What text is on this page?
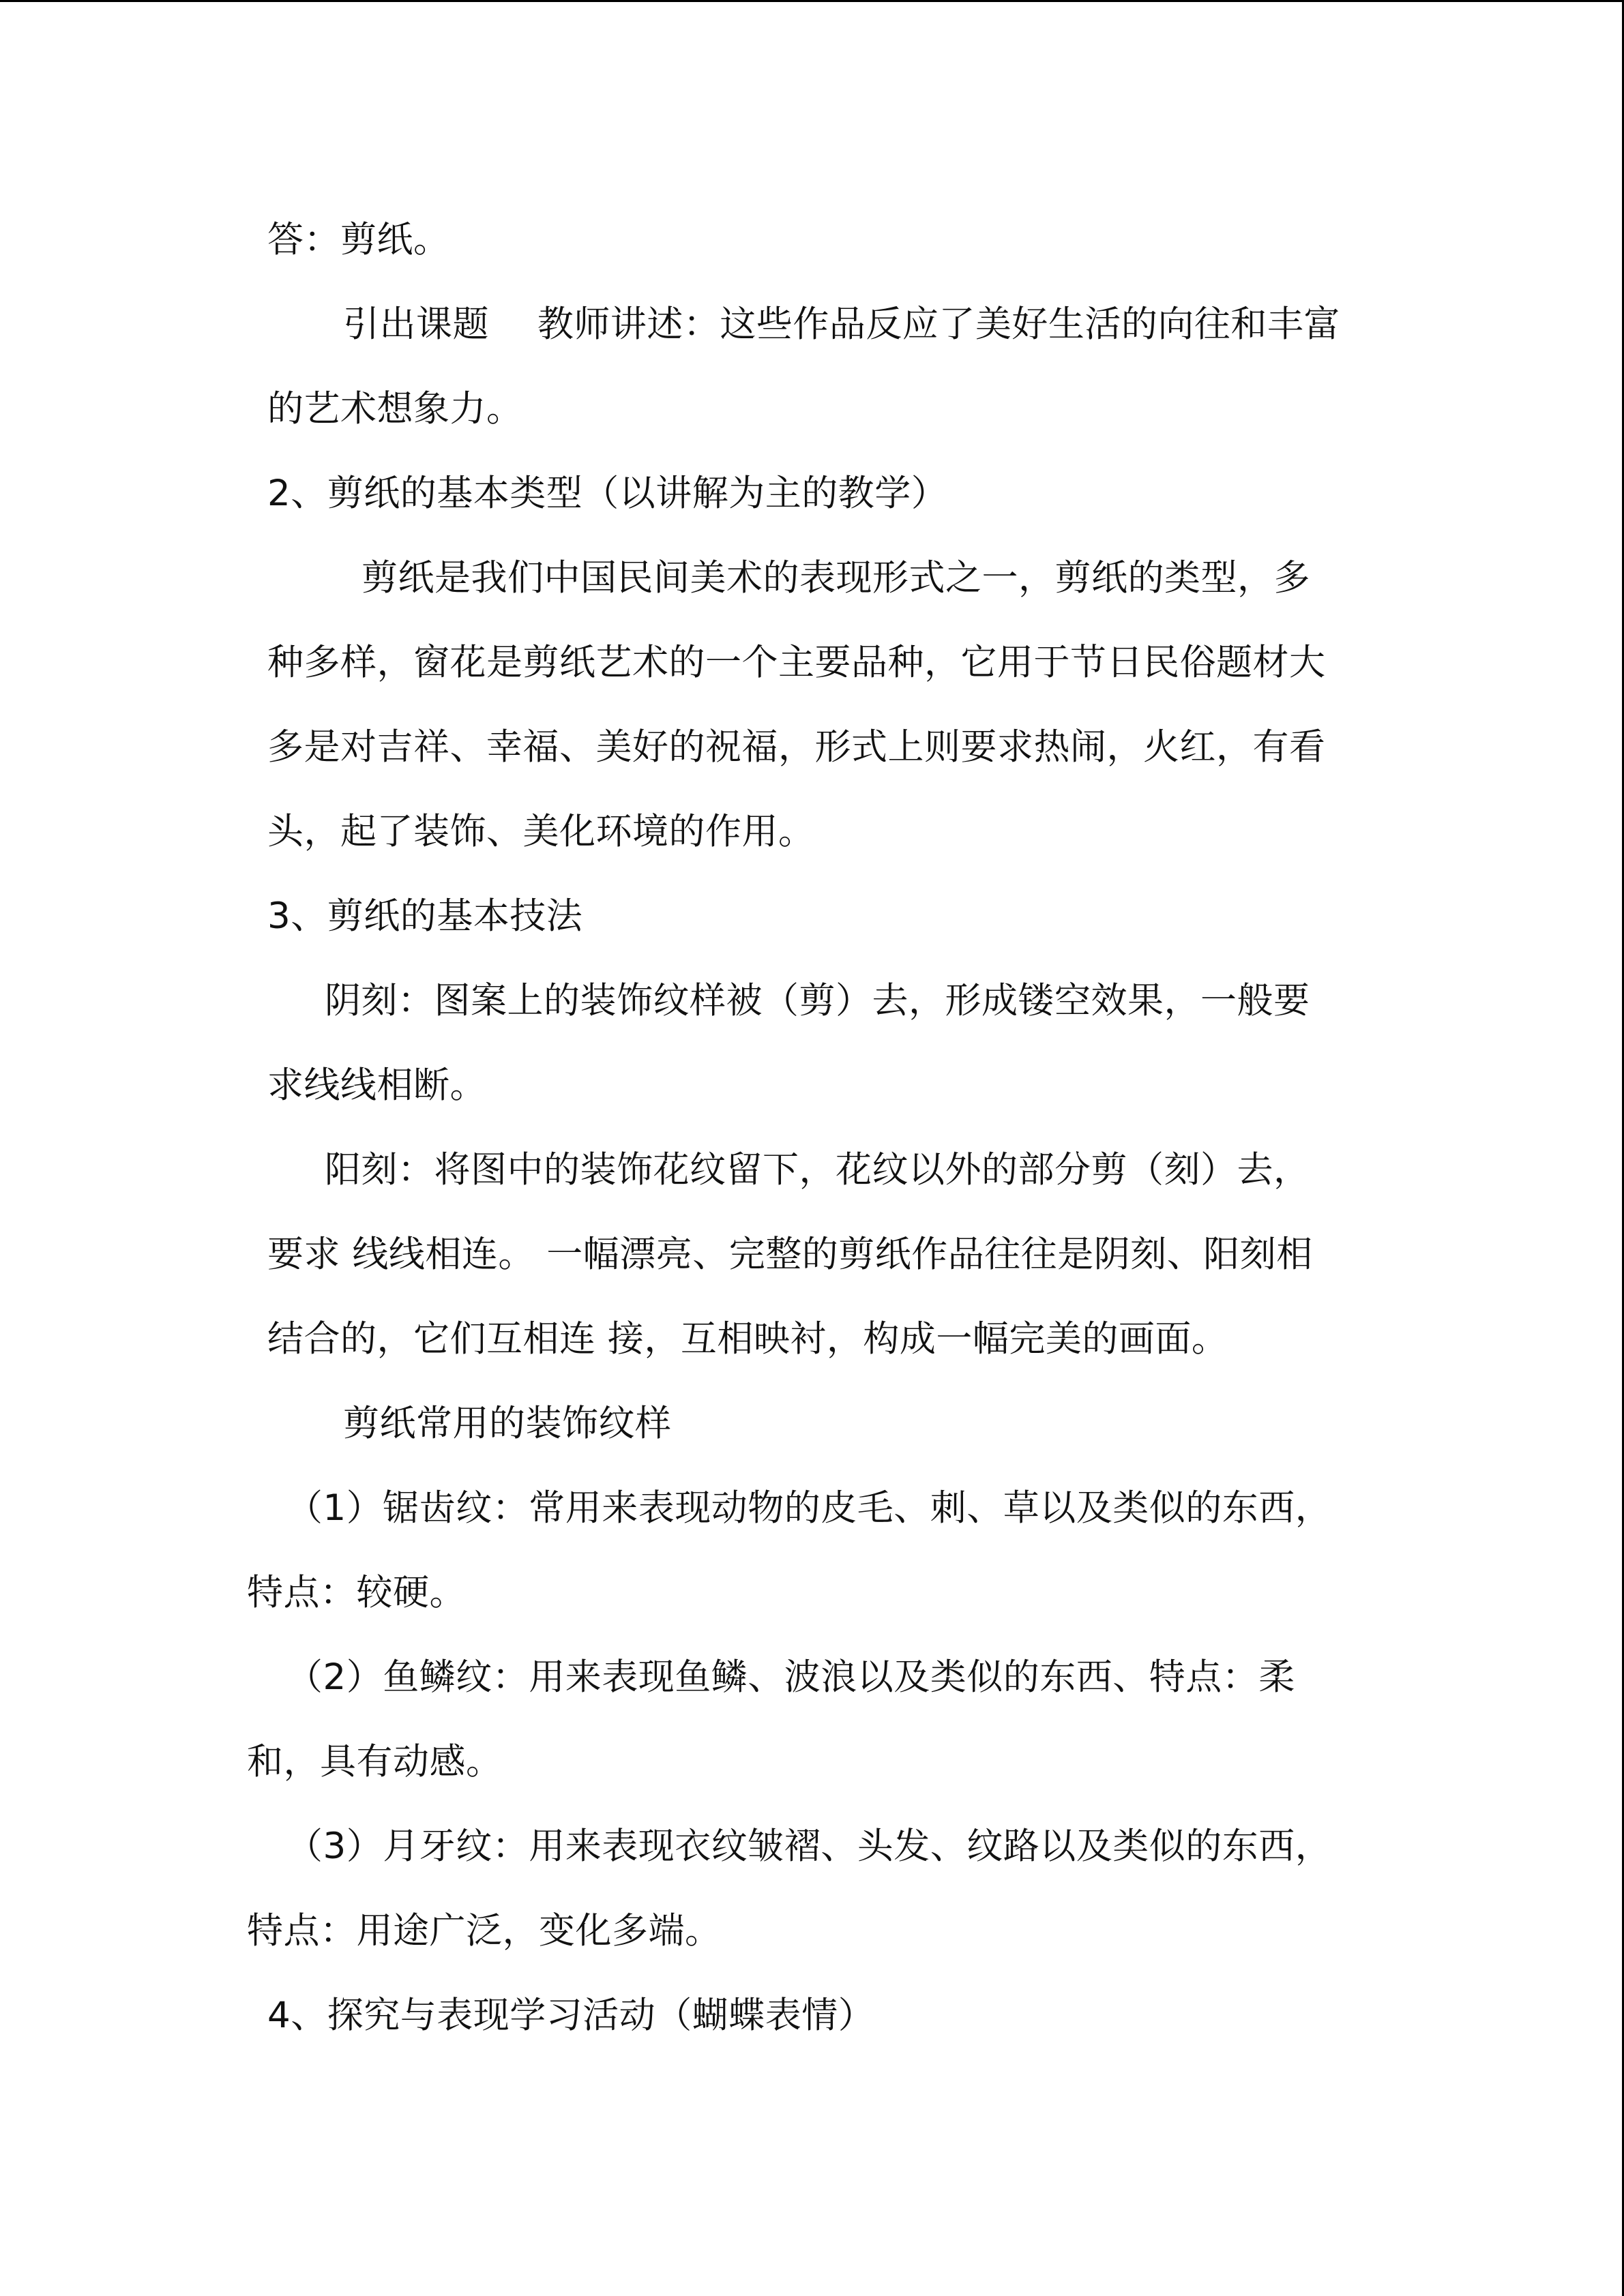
答：剪纸。
引出课题　 教师讲述：这些作品反应了美好生活的向往和丰富
的艺术想象力。
2、剪纸的基本类型（以讲解为主的教学）
剪纸是我们中国民间美术的表现形式之一，剪纸的类型，多
种多样，窗花是剪纸艺术的一个主要品种，它用于节日民俗题材大
多是对吉祥、幸福、美好的祝福，形式上则要求热闹，火红，有看
头，起了装饰、美化环境的作用。
3、剪纸的基本技法
阴刻：图案上的装饰纹样被（剪）去，形成镂空效果，一般要
求线线相断。
阳刻：将图中的装饰花纹留下，花纹以外的部分剪（刻）去，
要求 线线相连。 一幅漂亮、完整的剪纸作品往往是阴刻、阳刻相
结合的，它们互相连 接，互相映衬，构成一幅完美的画面。
剪纸常用的装饰纹样
（1）锯齿纹：常用来表现动物的皮毛、刺、草以及类似的东西，
特点：较硬。
（2）鱼鳞纹：用来表现鱼鳞、波浪以及类似的东西、特点：柔
和，具有动感。
（3）月牙纹：用来表现衣纹皱褶、头发、纹路以及类似的东西，
特点：用途广泛，变化多端。
4、探究与表现学习活动（蝴蝶表情）
